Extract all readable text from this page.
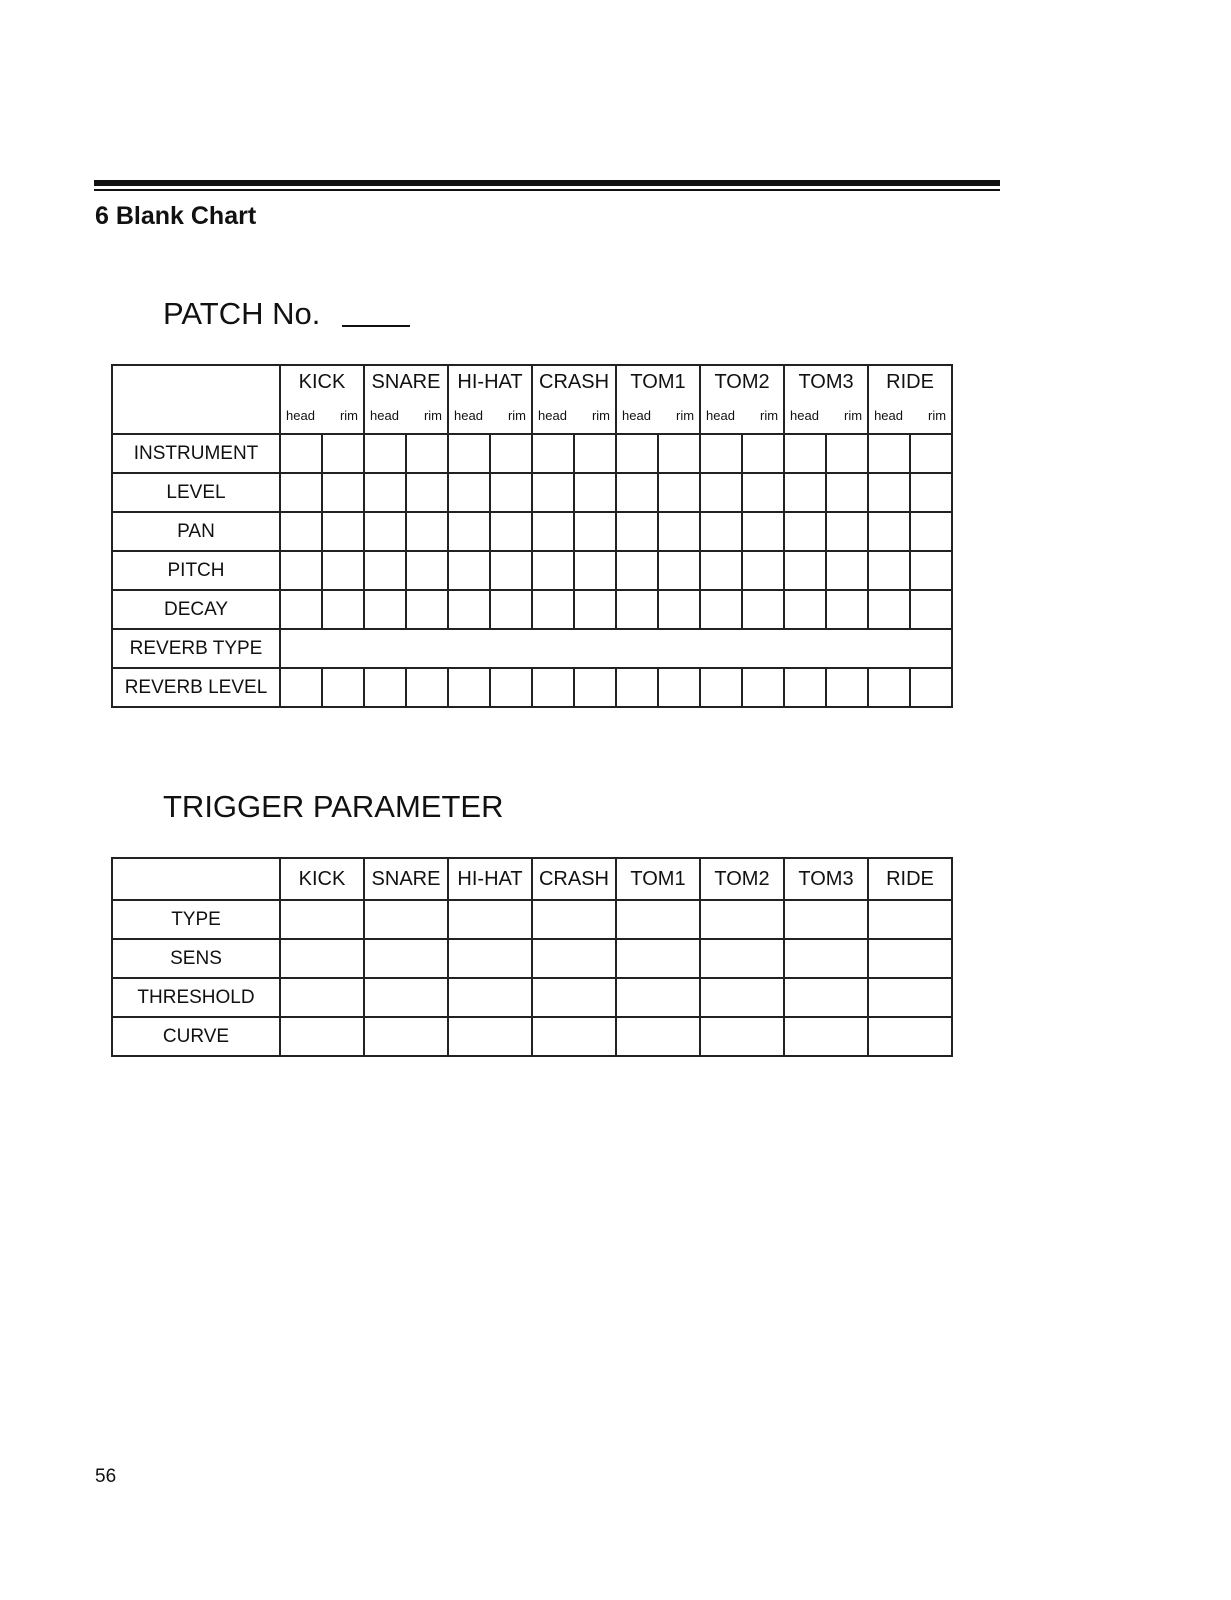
6 Blank Chart
PATCH No.
	KICK		SNARE		HI-HAT		CRASH		TOM1		TOM2		TOM3		RIDE	

	head rim		head rim		head rim		head rim		head rim		head rim		head rim		head rim	

INSTRUMENT																
LEVEL																
PAN																
PITCH																
DECAY																
REVERB TYPE																
REVERB LEVEL																
TRIGGER PARAMETER
	KICK	SNARE	HI-HAT	CRASH	TOM1	TOM2	TOM3	RIDE
TYPE								
SENS								
THRESHOLD								
CURVE								
56
